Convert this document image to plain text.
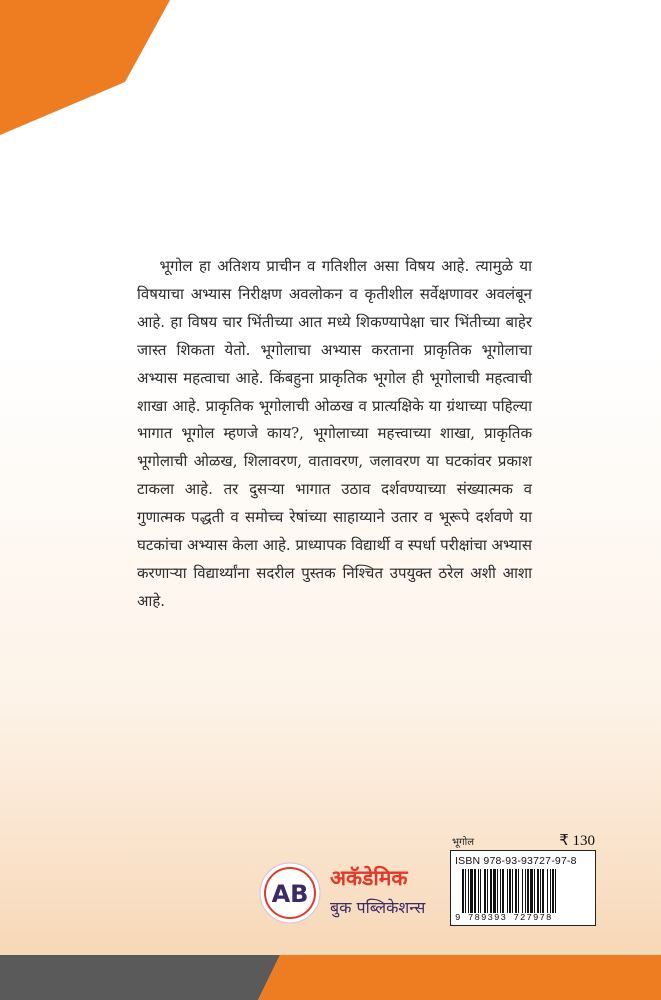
भूगोल हा अतिशय प्राचीन व गतिशील असा विषय आहे. त्यामुळे या विषयाचा अभ्यास निरीक्षण अवलोकन व कृतीशील सर्वेक्षणावर अवलंबून आहे. हा विषय चार भिंतीच्या आत मध्ये शिकण्यापेक्षा चार भिंतीच्या बाहेर जास्त शिकता येतो. भूगोलाचा अभ्यास करताना प्राकृतिक भूगोलाचा अभ्यास महत्वाचा आहे. किंबहुना प्राकृतिक भूगोल ही भूगोलाची महत्वाची शाखा आहे. प्राकृतिक भूगोलाची ओळख व प्रात्यक्षिके या ग्रंथाच्या पहिल्या भागात भूगोल म्हणजे काय?, भूगोलाच्या महत्त्वाच्या शाखा, प्राकृतिक भूगोलाची ओळख, शिलावरण, वातावरण, जलावरण या घटकांवर प्रकाश टाकला आहे. तर दुसऱ्या भागात उठाव दर्शवण्याच्या संख्यात्मक व गुणात्मक पद्धती व समोच्च रेषांच्या साहाय्याने उतार व भूरूपे दर्शवणे या घटकांचा अभ्यास केला आहे. प्राध्यापक विद्यार्थी व स्पर्धा परीक्षांचा अभ्यास करणाऱ्या विद्यार्थ्यांना सदरील पुस्तक निश्चित उपयुक्त ठरेल अशी आशा आहे.

भूगोल	₹ 130
ISBN 978-93-93727-97-8
9 789393 727978
AB
अकॅडेमिक
बुक पब्लिकेशन्स
